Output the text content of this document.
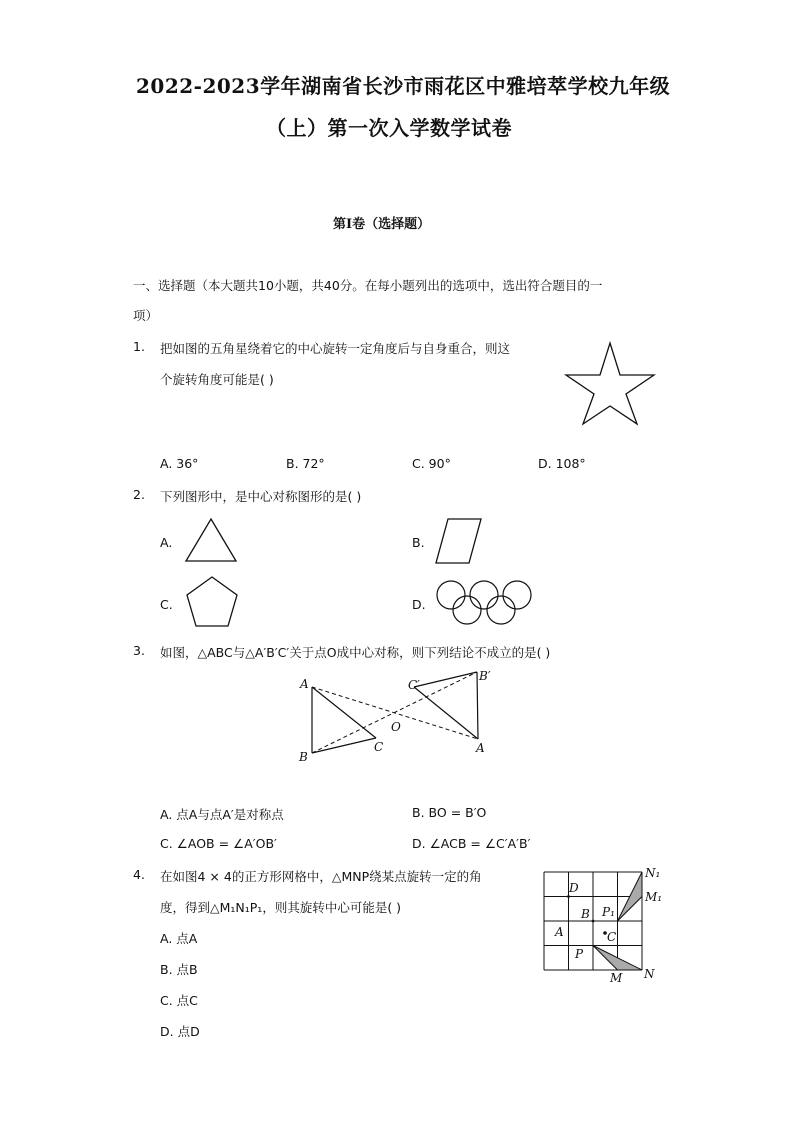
2022-2023学年湖南省长沙市雨花区中雅培萃学校九年级
（上）第一次入学数学试卷
第I卷（选择题）
一、选择题（本大题共10小题，共40分。在每小题列出的选项中，选出符合题目的一
项）
1. 把如图的五角星绕着它的中心旋转一定角度后与自身重合，则这
个旋转角度可能是( )
A. 36°	B. 72°	C. 90°	D. 108°
2. 下列图形中，是中心对称图形的是( )
A.	B.
C.	D.
3. 如图，△ABC与△A′B′C′关于点O成中心对称，则下列结论不成立的是( )
A
B
C
O
A
B′
C′
A. 点A与点A′是对称点	B. BO = B′O
C. ∠AOB = ∠A′OB′	D. ∠ACB = ∠C′A′B′
4. 在如图4 × 4的正方形网格中，△MNP绕某点旋转一定的角
度，得到△M₁N₁P₁，则其旋转中心可能是( )
A. 点A
B. 点B
C. 点C
D. 点D
N₁
M₁
D
B P₁
A	C
P
M N
